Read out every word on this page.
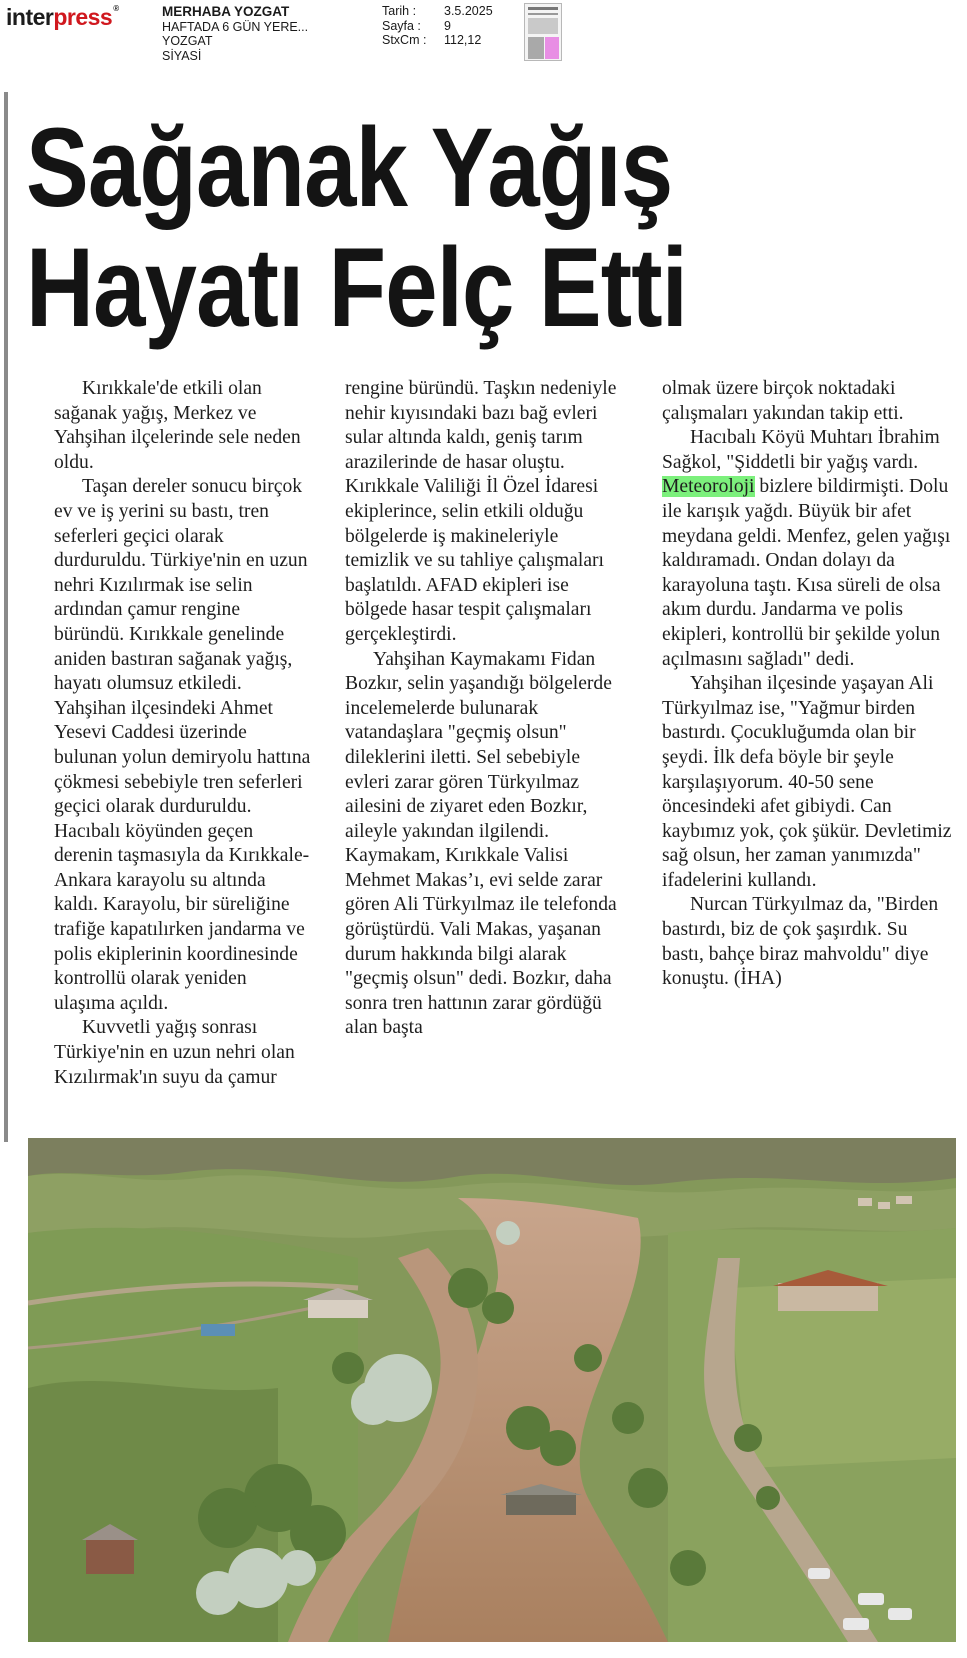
interpress®	MERHABA YOZGAT
HAFTADA 6 GÜN YERE...
YOZGAT
SİYASİ
Tarih :	3.5.2025
Sayfa :	9
StxCm :	112,12
Sağanak Yağış
Hayatı Felç Etti

Kırıkkale'de etkili olan sağanak yağış, Merkez ve Yahşihan ilçelerinde sele neden oldu.

Taşan dereler sonucu birçok ev ve iş yerini su bastı, tren seferleri geçici olarak durduruldu. Türkiye'nin en uzun nehri Kızılırmak ise selin ardından çamur rengine büründü. Kırıkkale genelinde aniden bastıran sağanak yağış, hayatı olumsuz etkiledi. Yahşihan ilçesindeki Ahmet Yesevi Caddesi üzerinde bulunan yolun demiryolu hattına çökmesi sebebiyle tren seferleri geçici olarak durduruldu. Hacıbalı köyünden geçen derenin taşmasıyla da Kırıkkale-Ankara karayolu su altında kaldı. Karayolu, bir süreliğine trafiğe kapatılırken jandarma ve polis ekiplerinin koordinesinde kontrollü olarak yeniden ulaşıma açıldı.

Kuvvetli yağış sonrası Türkiye'nin en uzun nehri olan Kızılırmak'ın suyu da çamur

rengine büründü. Taşkın nedeniyle nehir kıyısındaki bazı bağ evleri sular altında kaldı, geniş tarım arazilerinde de hasar oluştu. Kırıkkale Valiliği İl Özel İdaresi ekiplerince, selin etkili olduğu bölgelerde iş makineleriyle temizlik ve su tahliye çalışmaları başlatıldı. AFAD ekipleri ise bölgede hasar tespit çalışmaları gerçekleştirdi.

Yahşihan Kaymakamı Fidan Bozkır, selin yaşandığı bölgelerde incelemelerde bulunarak vatandaşlara "geçmiş olsun" dileklerini iletti. Sel sebebiyle evleri zarar gören Türkyılmaz ailesini de ziyaret eden Bozkır, aileyle yakından ilgilendi. Kaymakam, Kırıkkale Valisi Mehmet Makas’ı, evi selde zarar gören Ali Türkyılmaz ile telefonda görüştürdü. Vali Makas, yaşanan durum hakkında bilgi alarak "geçmiş olsun" dedi. Bozkır, daha sonra tren hattının zarar gördüğü alan başta

olmak üzere birçok noktadaki çalışmaları yakından takip etti.

Hacıbalı Köyü Muhtarı İbrahim Sağkol, "Şiddetli bir yağış vardı. Meteoroloji bizlere bildirmişti. Dolu ile karışık yağdı. Büyük bir afet meydana geldi. Menfez, gelen yağışı kaldıramadı. Ondan dolayı da karayoluna taştı. Kısa süreli de olsa akım durdu. Jandarma ve polis ekipleri, kontrollü bir şekilde yolun açılmasını sağladı" dedi.

Yahşihan ilçesinde yaşayan Ali Türkyılmaz ise, "Yağmur birden bastırdı. Çocukluğumda olan bir şeydi. İlk defa böyle bir şeyle karşılaşıyorum. 40-50 sene öncesindeki afet gibiydi. Can kaybımız yok, çok şükür. Devletimiz sağ olsun, her zaman yanımızda" ifadelerini kullandı.

Nurcan Türkyılmaz da, "Birden bastırdı, biz de çok şaşırdık. Su bastı, bahçe biraz mahvoldu" diye konuştu. (İHA)
